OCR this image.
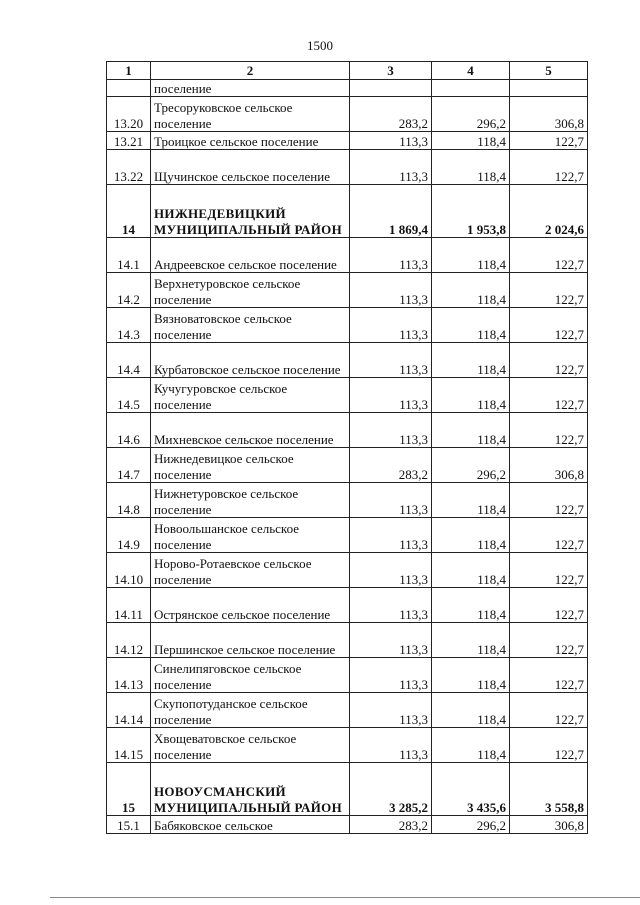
1500
1	2	3	4	5
	поселение			
13.20	Тресоруковское сельское поселение	283,2	296,2	306,8
13.21	Троицкое сельское поселение	113,3	118,4	122,7
13.22	Щучинское сельское поселение	113,3	118,4	122,7
14	НИЖНЕДЕВИЦКИЙ МУНИЦИПАЛЬНЫЙ РАЙОН	1 869,4	1 953,8	2 024,6
14.1	Андреевское сельское поселение	113,3	118,4	122,7
14.2	Верхнетуровское сельское поселение	113,3	118,4	122,7
14.3	Вязноватовское сельское поселение	113,3	118,4	122,7
14.4	Курбатовское сельское поселение	113,3	118,4	122,7
14.5	Кучугуровское сельское поселение	113,3	118,4	122,7
14.6	Михневское сельское поселение	113,3	118,4	122,7
14.7	Нижнедевицкое сельское поселение	283,2	296,2	306,8
14.8	Нижнетуровское сельское поселение	113,3	118,4	122,7
14.9	Новоольшанское сельское поселение	113,3	118,4	122,7
14.10	Норово-Ротаевское сельское поселение	113,3	118,4	122,7
14.11	Острянское сельское поселение	113,3	118,4	122,7
14.12	Першинское сельское поселение	113,3	118,4	122,7
14.13	Синелипяговское сельское поселение	113,3	118,4	122,7
14.14	Скупопотуданское сельское поселение	113,3	118,4	122,7
14.15	Хвощеватовское сельское поселение	113,3	118,4	122,7
15	НОВОУСМАНСКИЙ МУНИЦИПАЛЬНЫЙ РАЙОН	3 285,2	3 435,6	3 558,8
15.1	Бабяковское сельское	283,2	296,2	306,8
